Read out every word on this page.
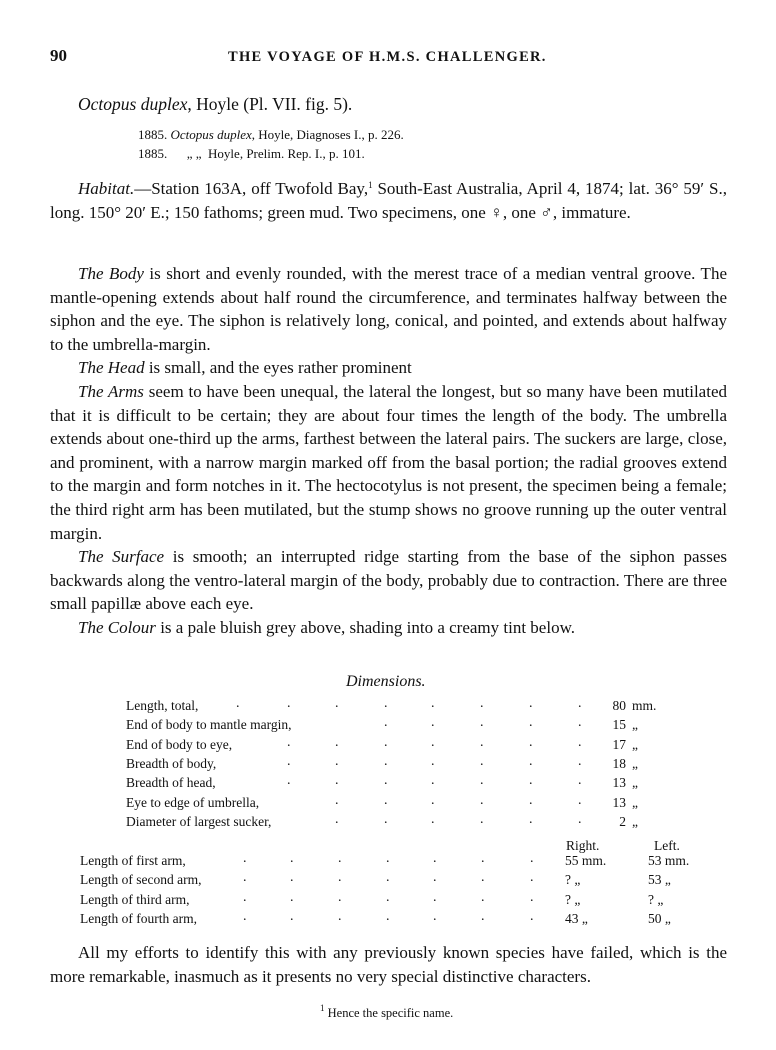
90	THE VOYAGE OF H.M.S. CHALLENGER.
Octopus duplex, Hoyle (Pl. VII. fig. 5).
1885. Octopus duplex, Hoyle, Diagnoses I., p. 226.
1885. „ „ Hoyle, Prelim. Rep. I., p. 101.

Habitat.—Station 163A, off Twofold Bay,$^1$ South-East Australia, April 4, 1874; lat. 36° 59′ S., long. 150° 20′ E.; 150 fathoms; green mud. Two specimens, one ♀, one ♂, immature.

The Body is short and evenly rounded, with the merest trace of a median ventral groove. The mantle-opening extends about half round the circumference, and terminates halfway between the siphon and the eye. The siphon is relatively long, conical, and pointed, and extends about halfway to the umbrella-margin.

The Head is small, and the eyes rather prominent

The Arms seem to have been unequal, the lateral the longest, but so many have been mutilated that it is difficult to be certain; they are about four times the length of the body. The umbrella extends about one-third up the arms, farthest between the lateral pairs. The suckers are large, close, and prominent, with a narrow margin marked off from the basal portion; the radial grooves extend to the margin and form notches in it. The hectocotylus is not present, the specimen being a female; the third right arm has been mutilated, but the stump shows no groove running up the outer ventral margin.

The Surface is smooth; an interrupted ridge starting from the base of the siphon passes backwards along the ventro-lateral margin of the body, probably due to contraction. There are three small papillæ above each eye.

The Colour is a pale bluish grey above, shading into a creamy tint below.

Dimensions.
Length, total,	.	.	.	.	.	.	.	. 80 mm.
End of body to mantle margin,	.	.	.	.	. 15 „
End of body to eye,	.	.	.	.	.	.	. 17 „
Breadth of body,	.	.	.	.	.	.	. 18 „
Breadth of head,	.	.	.	.	.	.	. 13 „
Eye to edge of umbrella,	.	.	.	.	.	. 13 „
Diameter of largest sucker,	.	.	.	.	.	.	2 „
Right.	Left.
Length of first arm,	.	.	.	.	.	.	. 55 mm.	53 mm.
Length of second arm,	.	.	.	.	.	.	. ? „	53 „
Length of third arm,	.	.	.	.	.	.	. ? „	? „
Length of fourth arm,	.	.	.	.	.	.	. 43 „	50 „

All my efforts to identify this with any previously known species have failed, which is the more remarkable, inasmuch as it presents no very special distinctive characters.

$^1$ Hence the specific name.
